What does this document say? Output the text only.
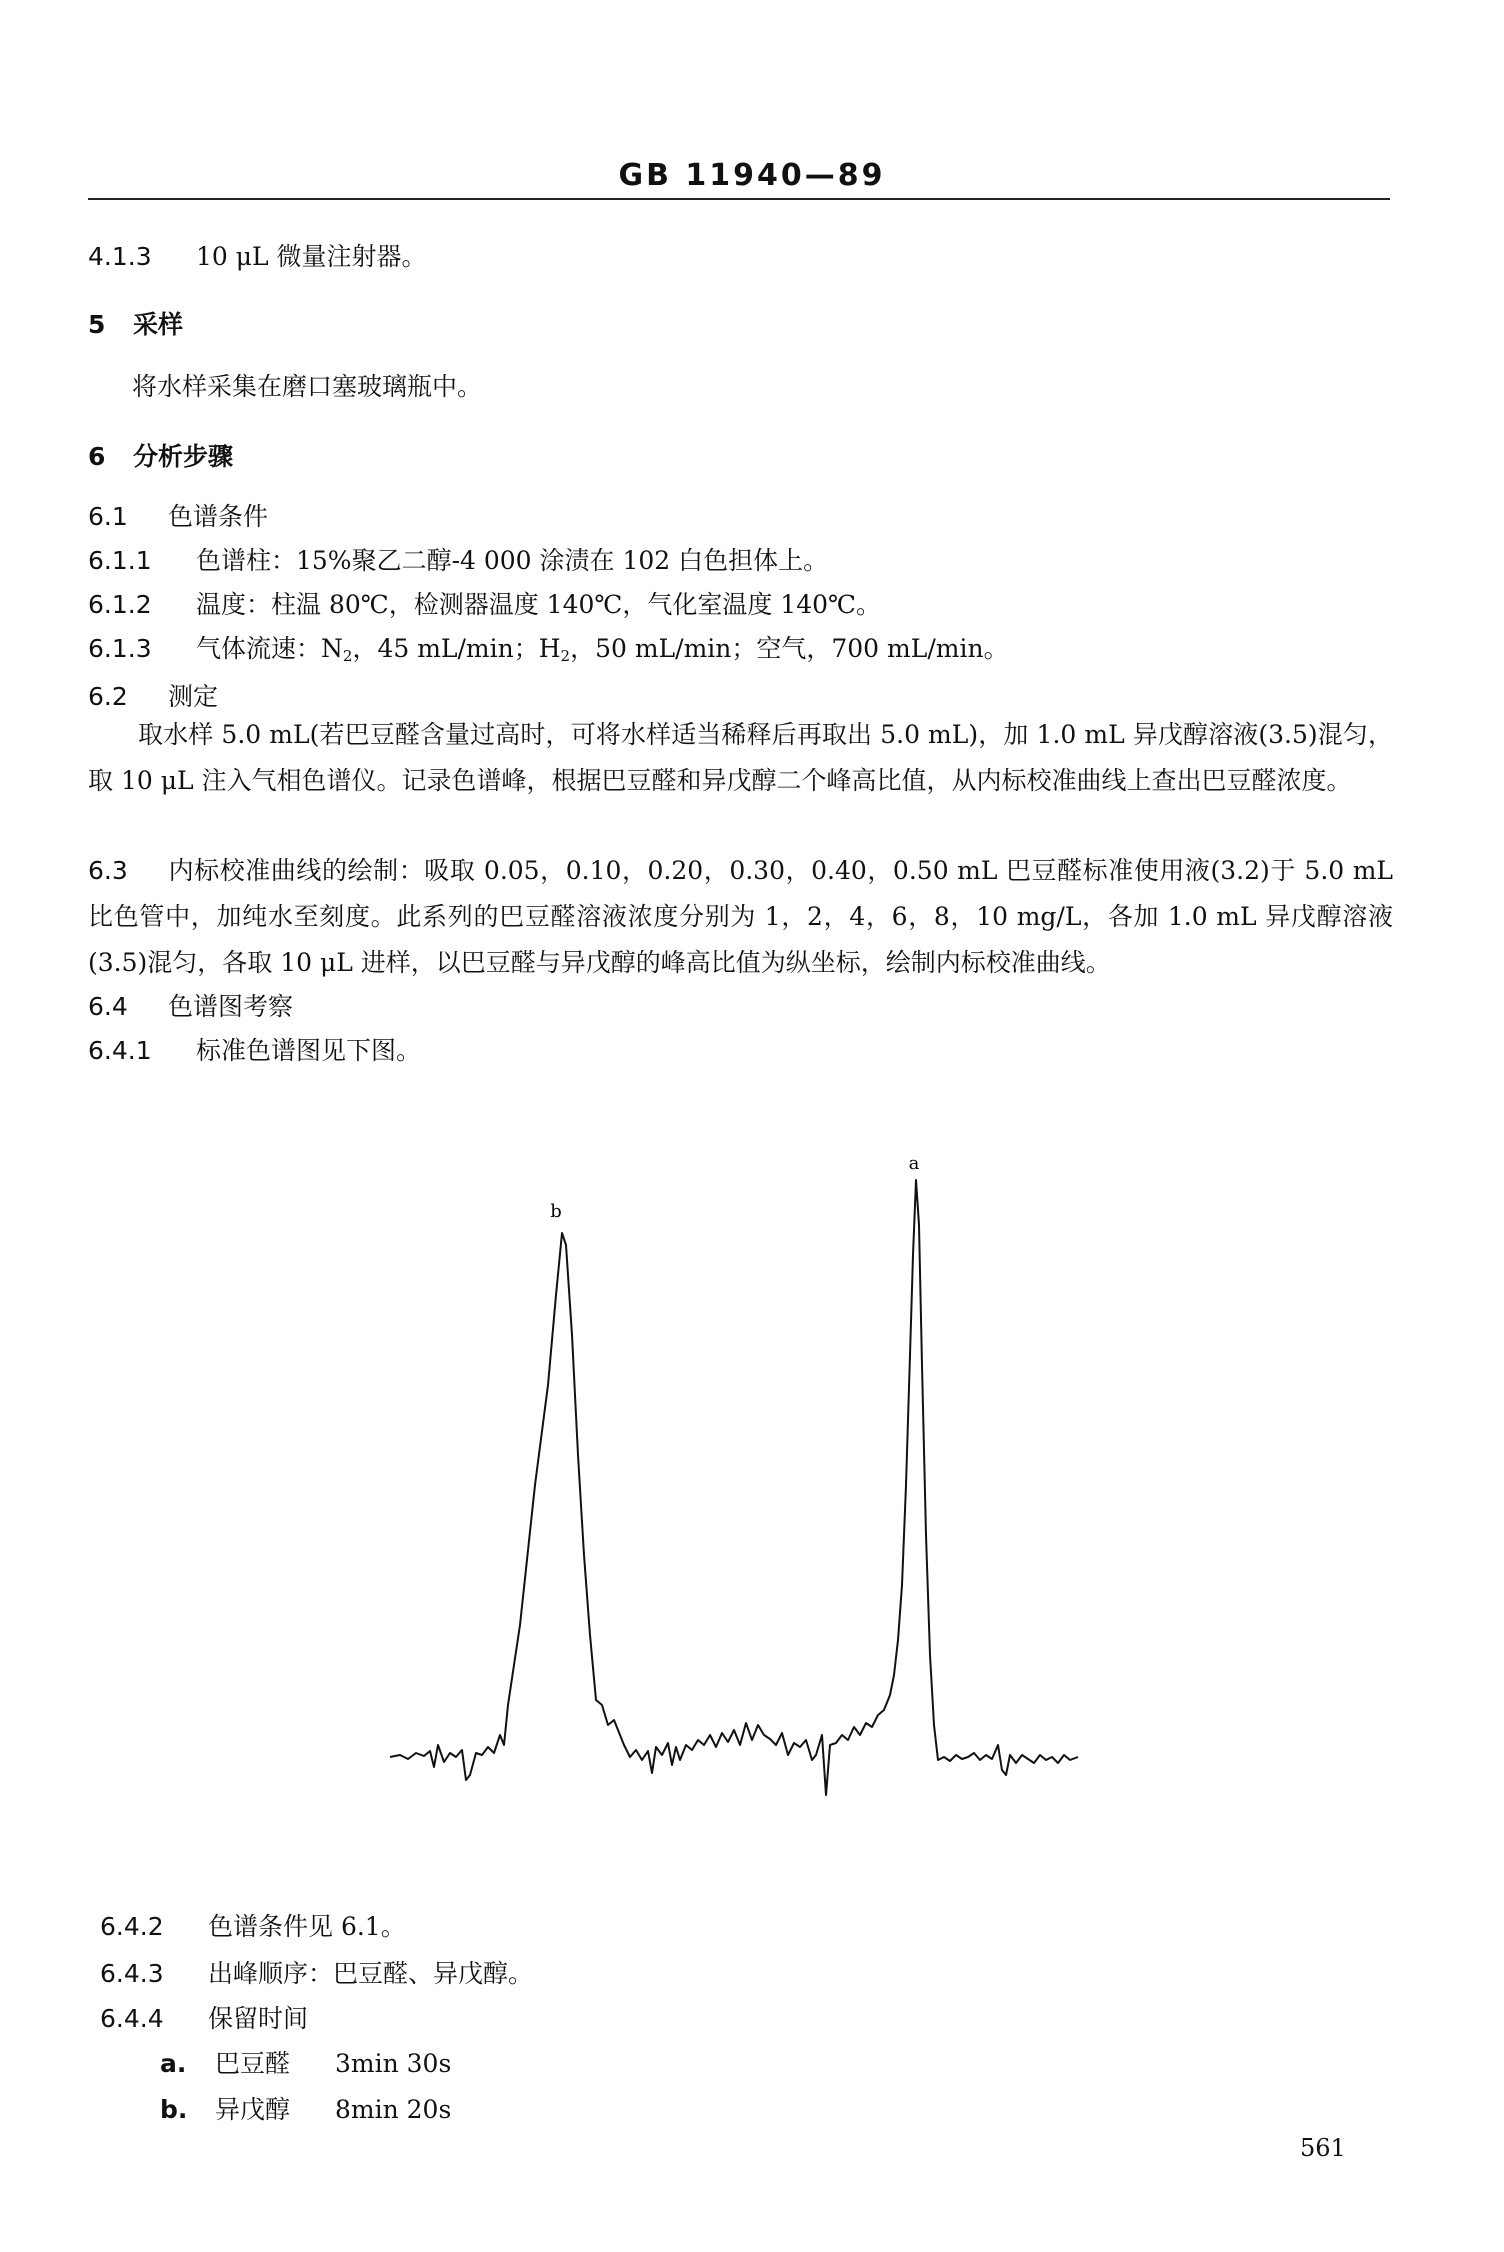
GB 11940—89
4.1.3 10 μL 微量注射器。
5 采样
将水样采集在磨口塞玻璃瓶中。
6 分析步骤
6.1 色谱条件
6.1.1 色谱柱：15%聚乙二醇-4 000 涂渍在 102 白色担体上。
6.1.2 温度：柱温 80℃，检测器温度 140℃，气化室温度 140℃。
6.1.3 气体流速：$N_2$，45 mL/min；$H_2$，50 mL/min；空气，700 mL/min。
6.2 测定
取水样 5.0 mL(若巴豆醛含量过高时，可将水样适当稀释后再取出 5.0 mL)，加 1.0 mL 异戊醇溶液(3.5)混匀，取 10 μL 注入气相色谱仪。记录色谱峰，根据巴豆醛和异戊醇二个峰高比值，从内标校准曲线上查出巴豆醛浓度。
6.3 内标校准曲线的绘制：吸取 0.05，0.10，0.20，0.30，0.40，0.50 mL 巴豆醛标准使用液(3.2)于 5.0 mL比色管中，加纯水至刻度。此系列的巴豆醛溶液浓度分别为 1，2，4，6，8，10 mg/L，各加 1.0 mL 异戊醇溶液(3.5)混匀，各取 10 μL 进样，以巴豆醛与异戊醇的峰高比值为纵坐标，绘制内标校准曲线。
6.4 色谱图考察
6.4.1 标准色谱图见下图。
b
a
6.4.2 色谱条件见 6.1。
6.4.3 出峰顺序：巴豆醛、异戊醇。
6.4.4 保留时间
a. 巴豆醛 3min 30s
b. 异戊醇 8min 20s
561
